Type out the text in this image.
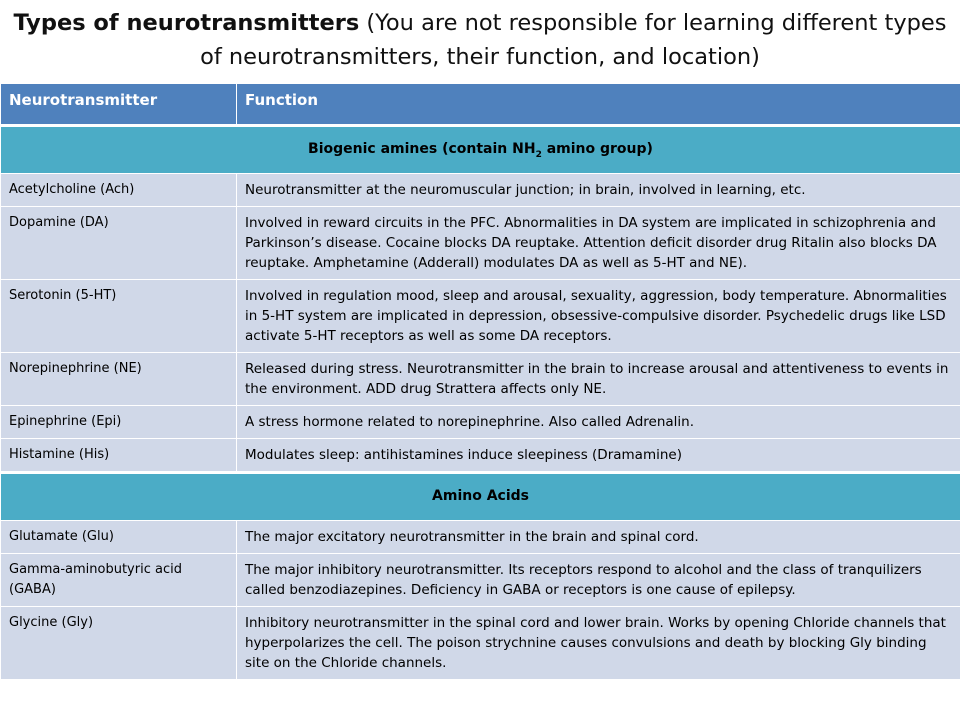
Types of neurotransmitters (You are not responsible for learning different types of neurotransmitters, their function, and location)
Neurotransmitter	Function
Biogenic amines (contain $NH_2$ amino group)	
Acetylcholine (Ach)	Neurotransmitter at the neuromuscular junction; in brain, involved in learning, etc.
Dopamine (DA)	Involved in reward circuits in the PFC. Abnormalities in DA system are implicated in schizophrenia and Parkinson’s disease. Cocaine blocks DA reuptake. Attention deficit disorder drug Ritalin also blocks DA reuptake. Amphetamine (Adderall) modulates DA as well as 5-HT and NE).
Serotonin (5-HT)	Involved in regulation mood, sleep and arousal, sexuality, aggression, body temperature. Abnormalities in 5-HT system are implicated in depression, obsessive-compulsive disorder. Psychedelic drugs like LSD activate 5-HT receptors as well as some DA receptors.
Norepinephrine (NE)	Released during stress. Neurotransmitter in the brain to increase arousal and attentiveness to events in the environment. ADD drug Strattera affects only NE.
Epinephrine (Epi)	A stress hormone related to norepinephrine. Also called Adrenalin.
Histamine (His)	Modulates sleep: antihistamines induce sleepiness (Dramamine)
Amino Acids	
Glutamate (Glu)	The major excitatory neurotransmitter in the brain and spinal cord.
Gamma-aminobutyric acid (GABA)	The major inhibitory neurotransmitter. Its receptors respond to alcohol and the class of tranquilizers called benzodiazepines. Deficiency in GABA or receptors is one cause of epilepsy.
Glycine (Gly)	Inhibitory neurotransmitter in the spinal cord and lower brain. Works by opening Chloride channels that hyperpolarizes the cell. The poison strychnine causes convulsions and death by blocking Gly binding site on the Chloride channels.
